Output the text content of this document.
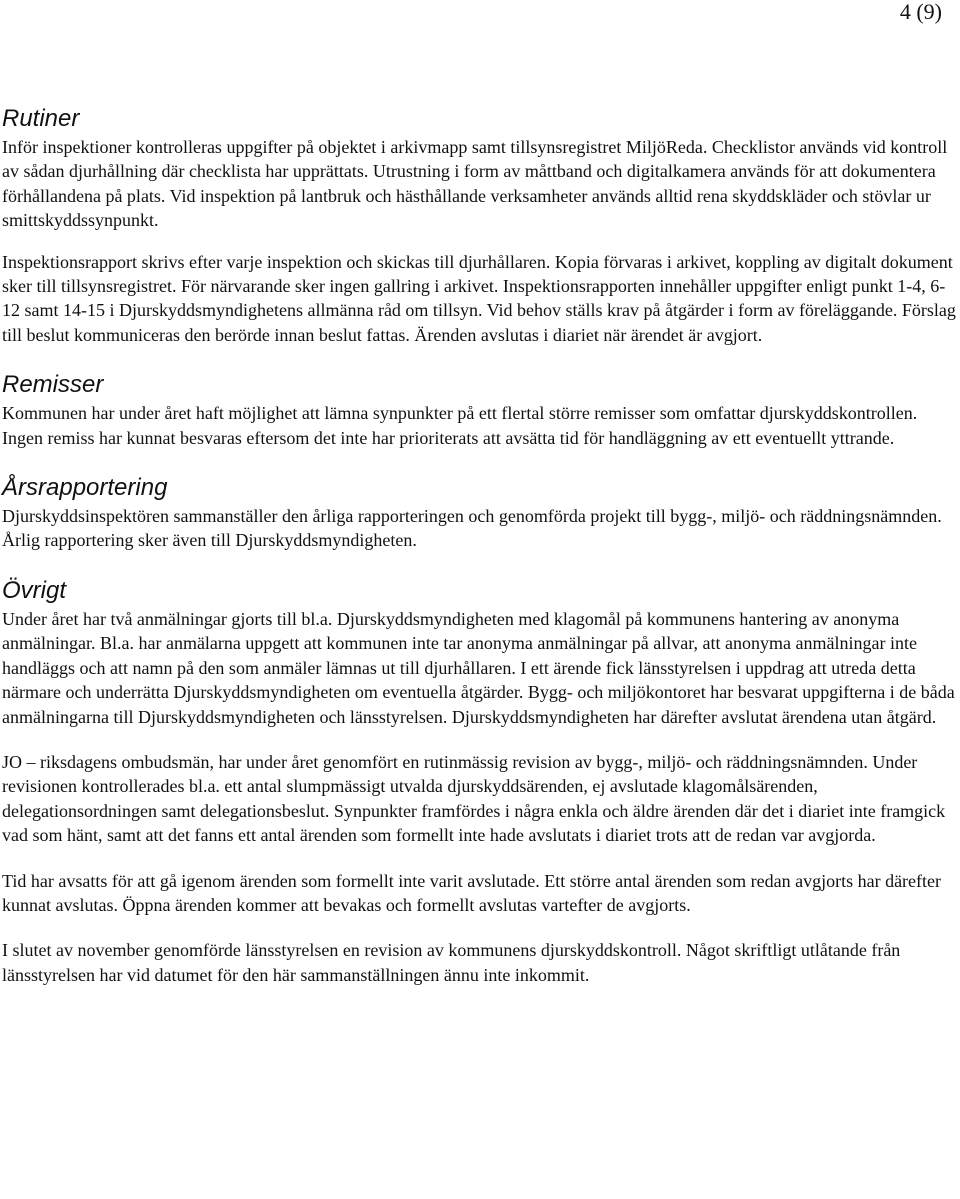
4 (9)
Rutiner

Inför inspektioner kontrolleras uppgifter på objektet i arkivmapp samt tillsynsregistret MiljöReda. Checklistor används vid kontroll av sådan djurhållning där checklista har upprättats. Utrustning i form av måttband och digitalkamera används för att dokumentera förhållandena på plats. Vid inspektion på lantbruk och hästhållande verksamheter används alltid rena skyddskläder och stövlar ur smittskyddssynpunkt.

Inspektionsrapport skrivs efter varje inspektion och skickas till djurhållaren. Kopia förvaras i arkivet, koppling av digitalt dokument sker till tillsynsregistret. För närvarande sker ingen gallring i arkivet. Inspektionsrapporten innehåller uppgifter enligt punkt 1-4, 6-12 samt 14-15 i Djurskyddsmyndighetens allmänna råd om tillsyn. Vid behov ställs krav på åtgärder i form av föreläggande. Förslag till beslut kommuniceras den berörde innan beslut fattas. Ärenden avslutas i diariet när ärendet är avgjort.

Remisser

Kommunen har under året haft möjlighet att lämna synpunkter på ett flertal större remisser som omfattar djurskyddskontrollen. Ingen remiss har kunnat besvaras eftersom det inte har prioriterats att avsätta tid för handläggning av ett eventuellt yttrande.

Årsrapportering

Djurskyddsinspektören sammanställer den årliga rapporteringen och genomförda projekt till bygg-, miljö- och räddningsnämnden. Årlig rapportering sker även till Djurskyddsmyndigheten.

Övrigt

Under året har två anmälningar gjorts till bl.a. Djurskyddsmyndigheten med klagomål på kommunens hantering av anonyma anmälningar. Bl.a. har anmälarna uppgett att kommunen inte tar anonyma anmälningar på allvar, att anonyma anmälningar inte handläggs och att namn på den som anmäler lämnas ut till djurhållaren. I ett ärende fick länsstyrelsen i uppdrag att utreda detta närmare och underrätta Djurskyddsmyndigheten om eventuella åtgärder. Bygg- och miljökontoret har besvarat uppgifterna i de båda anmälningarna till Djurskyddsmyndigheten och länsstyrelsen. Djurskyddsmyndigheten har därefter avslutat ärendena utan åtgärd.

JO – riksdagens ombudsmän, har under året genomfört en rutinmässig revision av bygg-, miljö- och räddningsnämnden. Under revisionen kontrollerades bl.a. ett antal slumpmässigt utvalda djurskyddsärenden, ej avslutade klagomålsärenden, delegationsordningen samt delegationsbeslut. Synpunkter framfördes i några enkla och äldre ärenden där det i diariet inte framgick vad som hänt, samt att det fanns ett antal ärenden som formellt inte hade avslutats i diariet trots att de redan var avgjorda.

Tid har avsatts för att gå igenom ärenden som formellt inte varit avslutade. Ett större antal ärenden som redan avgjorts har därefter kunnat avslutas. Öppna ärenden kommer att bevakas och formellt avslutas vartefter de avgjorts.

I slutet av november genomförde länsstyrelsen en revision av kommunens djurskyddskontroll. Något skriftligt utlåtande från länsstyrelsen har vid datumet för den här sammanställningen ännu inte inkommit.
